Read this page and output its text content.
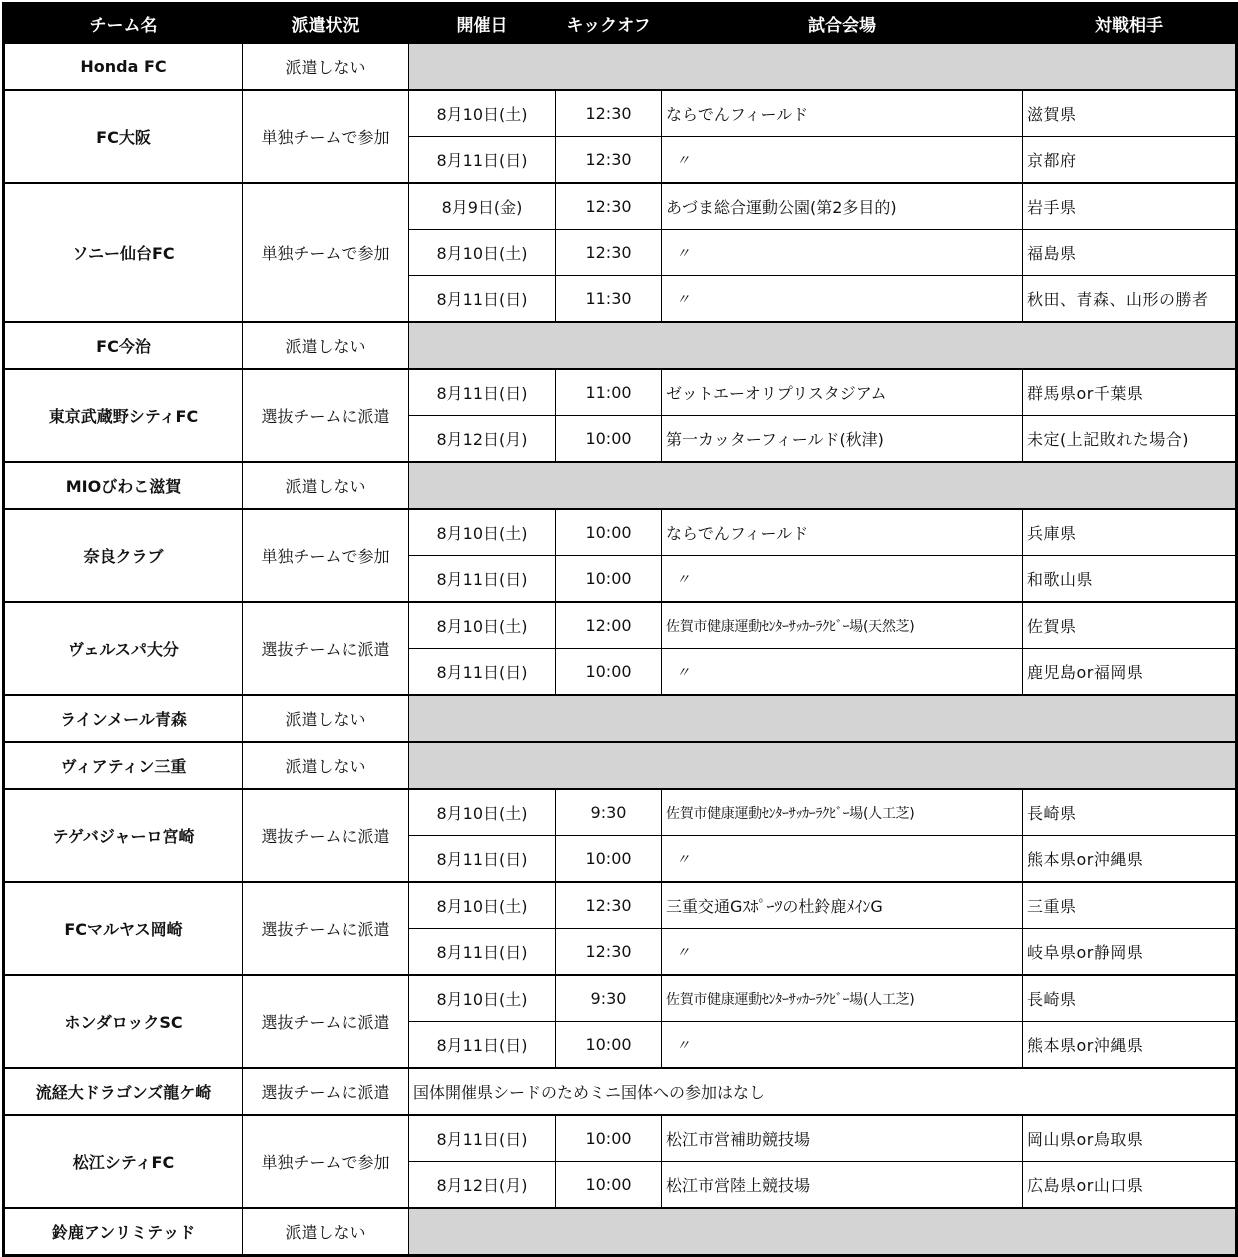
チーム名	派遣状況	開催日	キックオフ	試合会場	対戦相手
Honda FC	派遣しない				
FC大阪	単独チームで参加	8月10日(土)	12:30	ならでんフィールド	滋賀県
		8月11日(日)	12:30	〃	京都府
ソニー仙台FC	単独チームで参加	8月9日(金)	12:30	あづま総合運動公園(第2多目的)	岩手県
		8月10日(土)	12:30	〃	福島県
		8月11日(日)	11:30	〃	秋田、青森、山形の勝者
FC今治	派遣しない				
東京武蔵野シティFC	選抜チームに派遣	8月11日(日)	11:00	ゼットエーオリプリスタジアム	群馬県or千葉県
		8月12日(月)	10:00	第一カッターフィールド(秋津)	未定(上記敗れた場合)
MIOびわこ滋賀	派遣しない				
奈良クラブ	単独チームで参加	8月10日(土)	10:00	ならでんフィールド	兵庫県
		8月11日(日)	10:00	〃	和歌山県
ヴェルスパ大分	選抜チームに派遣	8月10日(土)	12:00	佐賀市健康運動ｾﾝﾀｰｻｯｶｰﾗｸﾋﾞｰ場(天然芝)	佐賀県
		8月11日(日)	10:00	〃	鹿児島or福岡県
ラインメール青森	派遣しない				
ヴィアティン三重	派遣しない				
テゲバジャーロ宮崎	選抜チームに派遣	8月10日(土)	9:30	佐賀市健康運動ｾﾝﾀｰｻｯｶｰﾗｸﾋﾞｰ場(人工芝)	長崎県
		8月11日(日)	10:00	〃	熊本県or沖縄県
FCマルヤス岡崎	選抜チームに派遣	8月10日(土)	12:30	三重交通Gｽﾎﾟｰﾂの杜鈴鹿ﾒｲﾝG	三重県
		8月11日(日)	12:30	〃	岐阜県or静岡県
ホンダロックSC	選抜チームに派遣	8月10日(土)	9:30	佐賀市健康運動ｾﾝﾀｰｻｯｶｰﾗｸﾋﾞｰ場(人工芝)	長崎県
		8月11日(日)	10:00	〃	熊本県or沖縄県
流経大ドラゴンズ龍ケ崎	選抜チームに派遣	国体開催県シードのためミニ国体への参加はなし			
松江シティFC	単独チームで参加	8月11日(日)	10:00	松江市営補助競技場	岡山県or鳥取県
		8月12日(月)	10:00	松江市営陸上競技場	広島県or山口県
鈴鹿アンリミテッド	派遣しない				
